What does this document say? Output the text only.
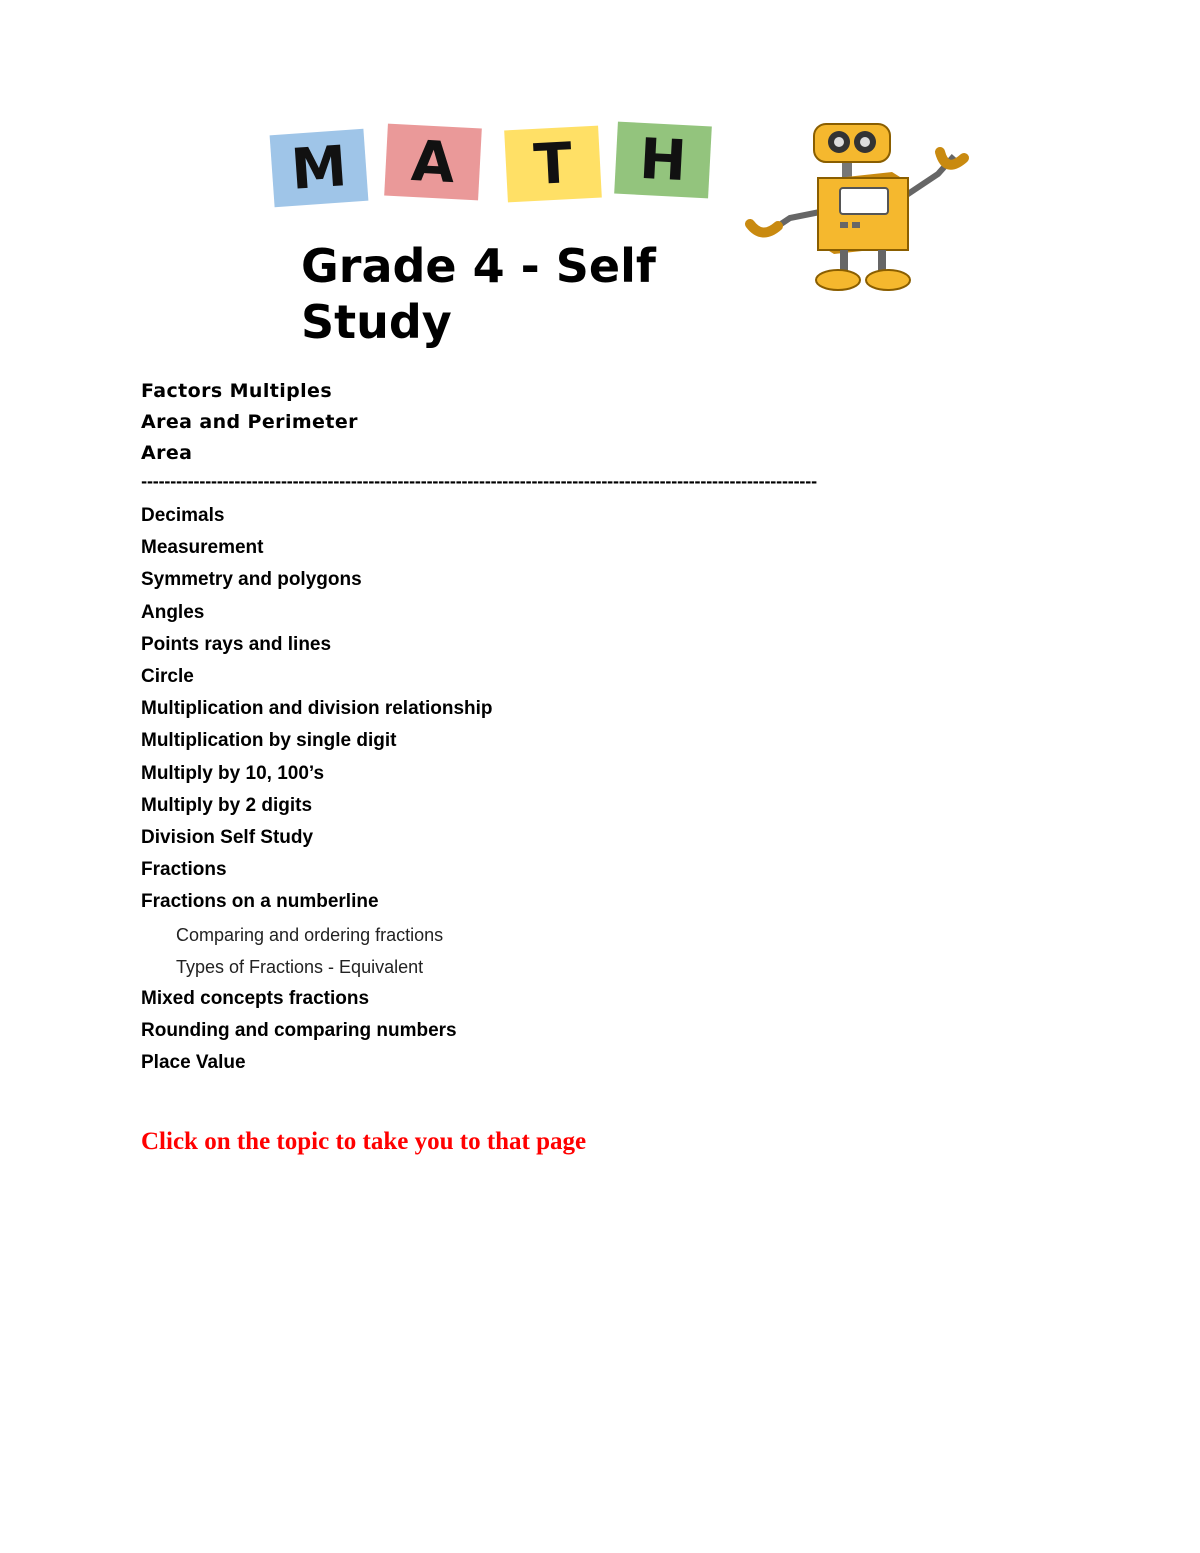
M	A	T	H
Grade 4 - Self Study
Factors Multiples
Area and Perimeter
Area
--------------------------------------------------------------------------------------------------------------------
Decimals
Measurement
Symmetry and polygons
Angles
Points rays and lines
Circle
Multiplication and division relationship
Multiplication by single digit
Multiply by 10, 100’s
Multiply by 2 digits
Division Self Study
Fractions
Fractions on a numberline
Comparing and ordering fractions
Types of Fractions - Equivalent
Mixed concepts fractions
Rounding and comparing numbers
Place Value
Click on the topic to take you to that page
